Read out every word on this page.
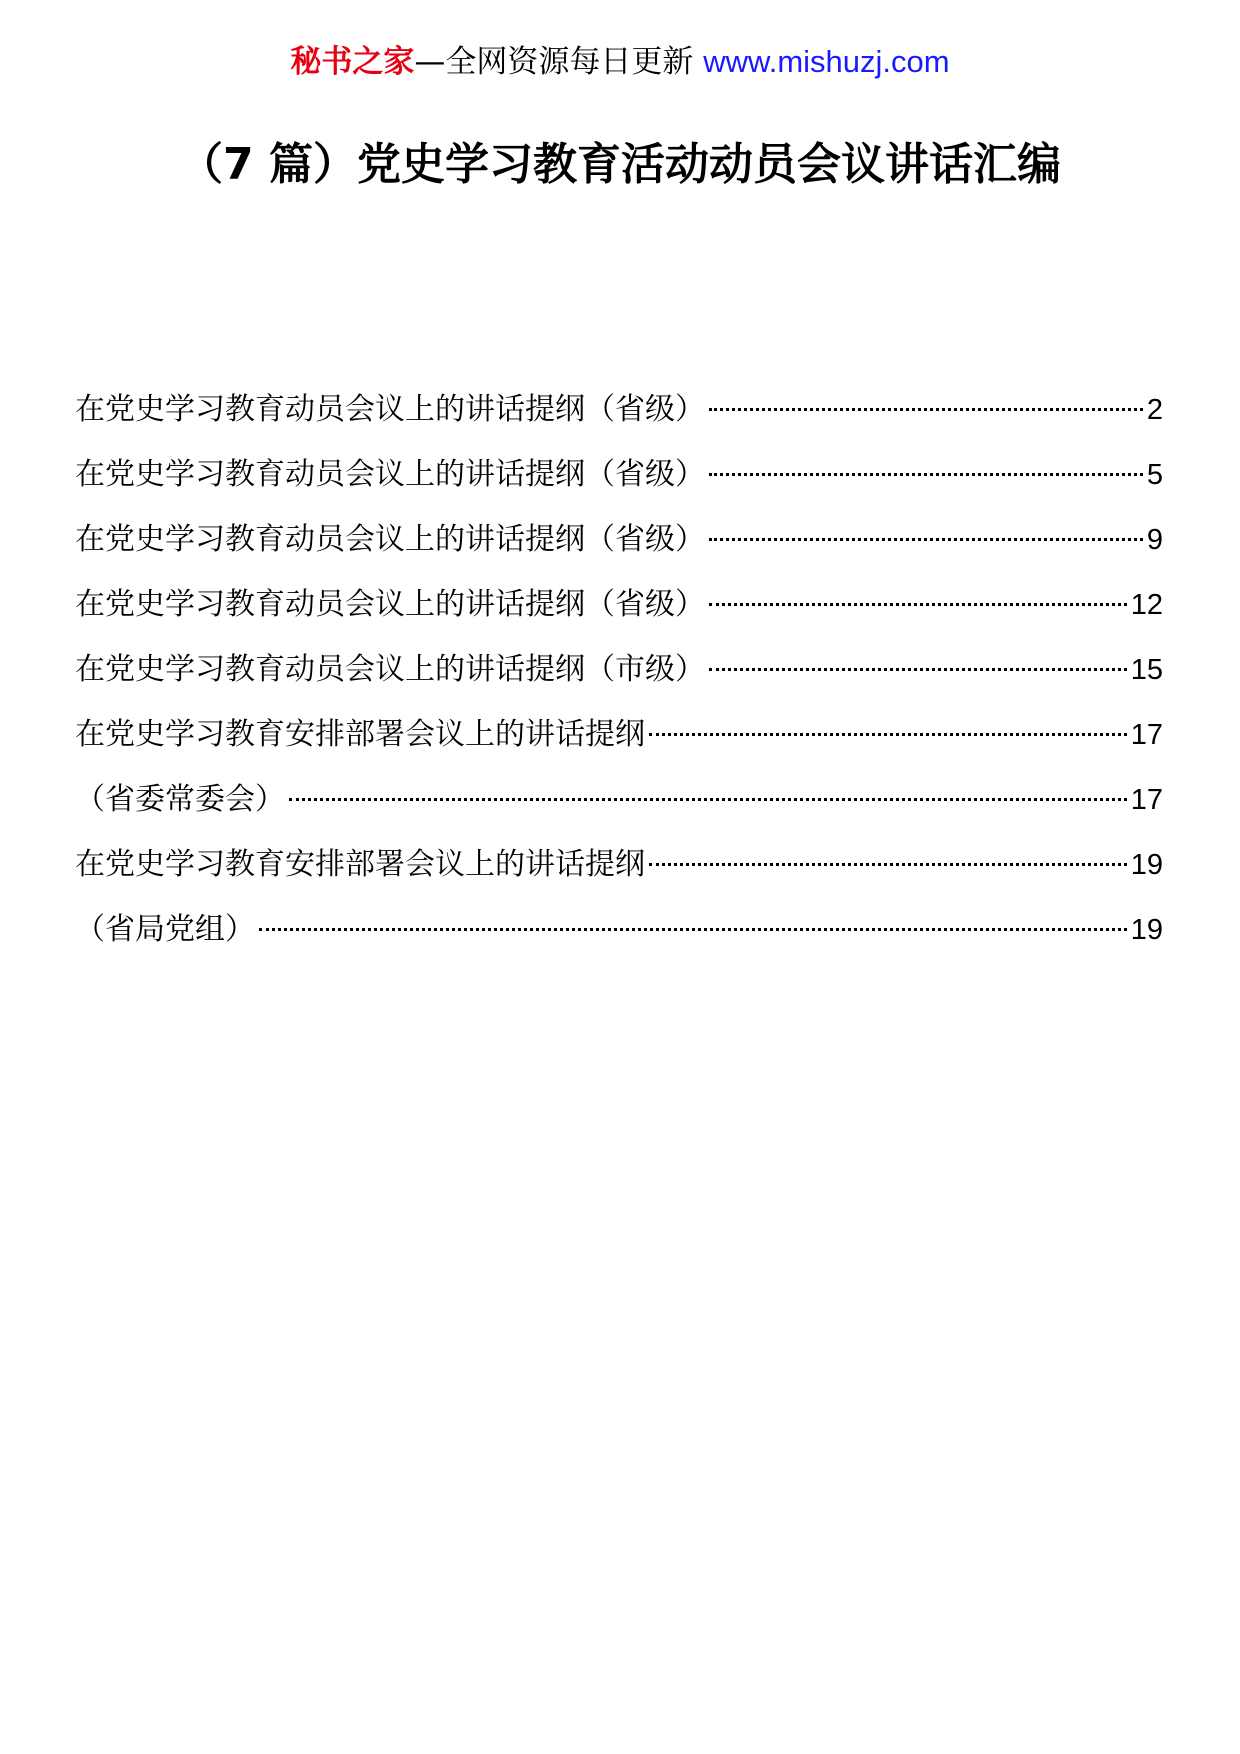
秘书之家—全网资源每日更新 www.mishuzj.com
（7 篇）党史学习教育活动动员会议讲话汇编
在党史学习教育动员会议上的讲话提纲（省级）	2
在党史学习教育动员会议上的讲话提纲（省级）	5
在党史学习教育动员会议上的讲话提纲（省级）	9
在党史学习教育动员会议上的讲话提纲（省级）	12
在党史学习教育动员会议上的讲话提纲（市级）	15
在党史学习教育安排部署会议上的讲话提纲	17
（省委常委会）	17
在党史学习教育安排部署会议上的讲话提纲	19
（省局党组）	19
